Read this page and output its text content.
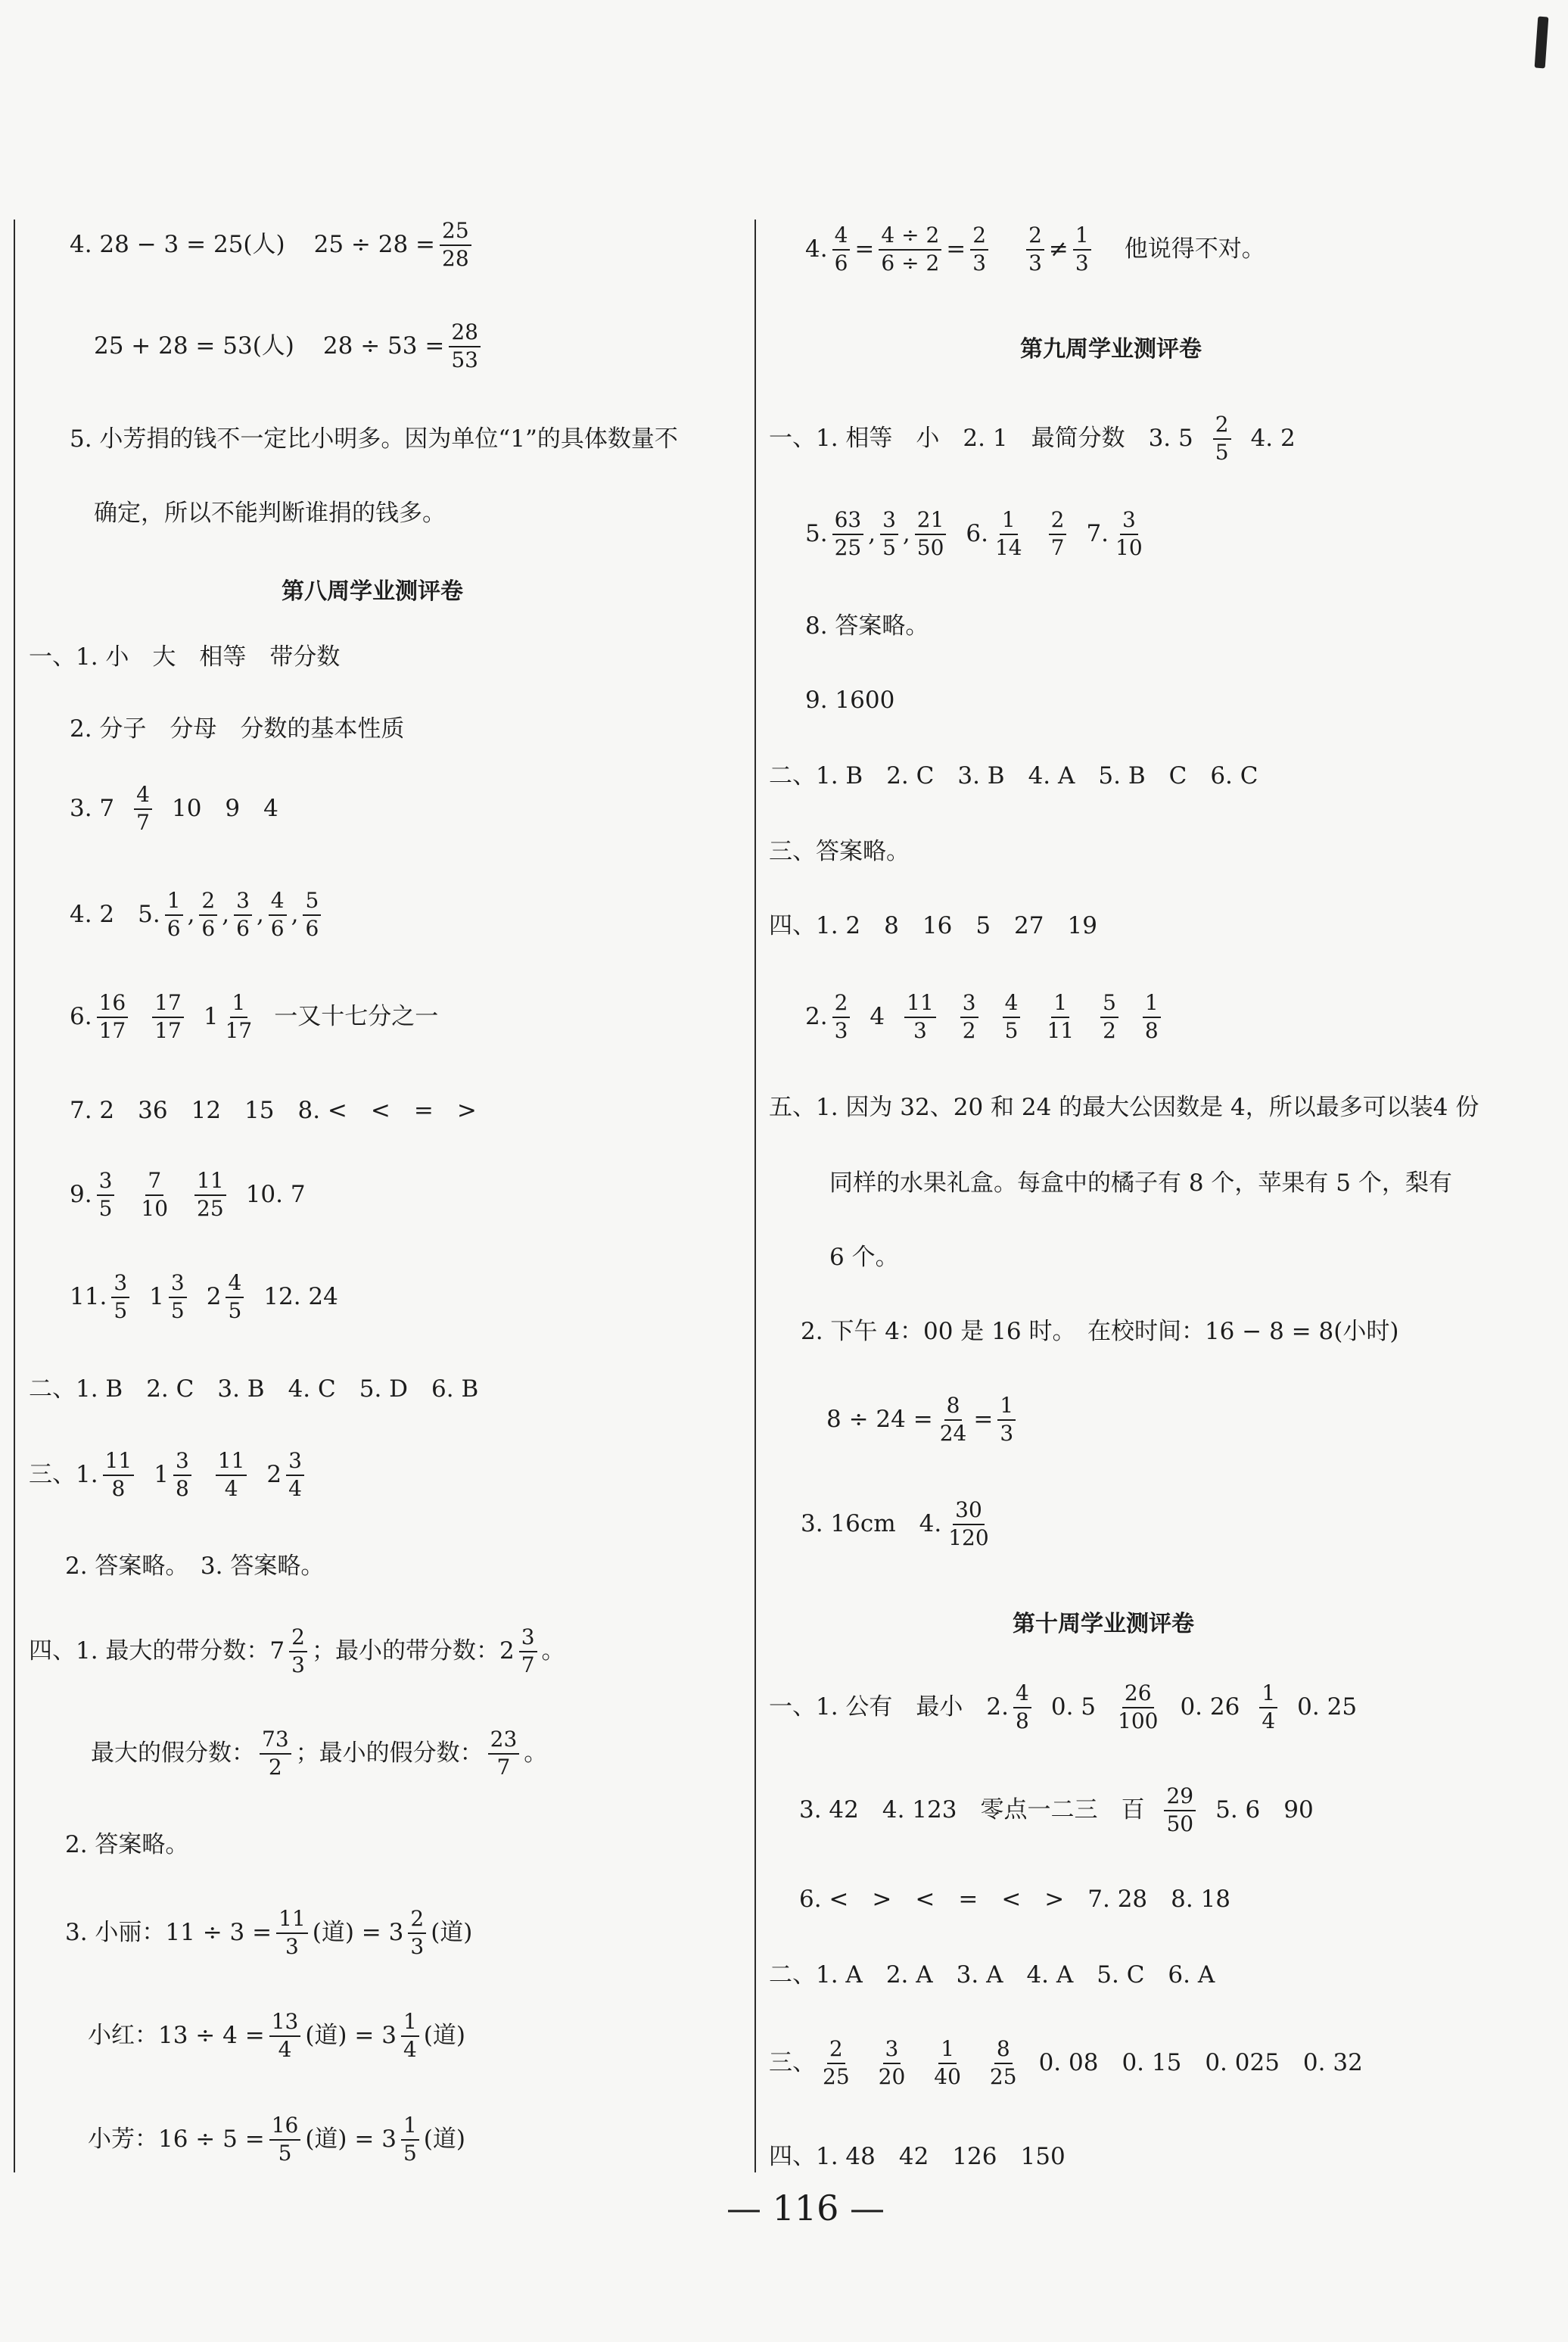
4. 28 − 3 = 25(人) $25 \div 28 = \frac{25}{28}$
25 + 28 = 53(人) $28 \div 53 = \frac{28}{53}$
5. 小芳捐的钱不一定比小明多。因为单位“1”的具体数量不
确定，所以不能判断谁捐的钱多。
第八周学业测评卷
一、1. 小　大　相等　带分数
2. 分子　分母　分数的基本性质
3. $7 \frac{4}{7} 10$　9　4
4. 2　5. $\frac{1}{6}$ , $\frac{2}{6}$ , $\frac{3}{6}$ , $\frac{4}{6}$ , $\frac{5}{6}$
6. $\frac{16}{17} \frac{17}{17} 1 \frac{1}{17}$ 一又十七分之一
7. 2　36　12　15　8. <　<　=　>
9. $\frac{3}{5} \frac{7}{10} \frac{11}{25} 10$. 7
11. $\frac{3}{5} 1 \frac{3}{5} 2 \frac{4}{5} 12$. 24
二、1. B　2. C　3. B　4. C　5. D　6. B
三、1. $\frac{11}{8} 1 \frac{3}{8} \frac{11}{4} 2 \frac{3}{4}$
2. 答案略。　3. 答案略。
四、1. 最大的带分数：$7 \frac{2}{3}$ ；最小的带分数：$2 \frac{3}{7}$ 。
最大的假分数： $\frac{73}{2}$ ；最小的假分数： $\frac{23}{7}$ 。
2. 答案略。
3. 小丽：$11 \div 3 = \frac{11}{3}$ (道) = $3 \frac{2}{3}$ (道)
小红：$13 \div 4 = \frac{13}{4}$ (道) = $3 \frac{1}{4}$ (道)
小芳：$16 \div 5 = \frac{16}{5}$ (道) = $3 \frac{1}{5}$ (道)
4. $\frac{4}{6} = \frac{4 \div 2}{6 \div 2} = \frac{2}{3} \frac{2}{3} \ne \frac{1}{3}$ 他说得不对。
第九周学业测评卷
一、1. 相等　小　2. 1　最简分数　3. $5 \frac{2}{5} 4$. 2
5. $\frac{63}{25}$ , $\frac{3}{5}$ , $\frac{21}{50} 6$. $\frac{1}{14} \frac{2}{7} 7$. $\frac{3}{10}$
8. 答案略。
9. 1600
二、1. B　2. C　3. B　4. A　5. B　C　6. C
三、答案略。
四、1. 2　8　16　5　27　19
2. $\frac{2}{3} 4 \frac{11}{3} \frac{3}{2} \frac{4}{5} \frac{1}{11} \frac{5}{2} \frac{1}{8}$
五、1. 因为 32、20 和 24 的最大公因数是 4，所以最多可以装4 份
同样的水果礼盒。每盒中的橘子有 8 个，苹果有 5 个，梨有
6 个。
2. 下午 4：00 是 16 时。　在校时间：16 − 8 = 8(小时)
$8 \div 24 = \frac{8}{24} = \frac{1}{3}$
3. 16cm　4. $\frac{30}{120}$
第十周学业测评卷
一、1. 公有　最小　2. $\frac{4}{8} 0$. $5 \frac{26}{100} 0$. $26 \frac{1}{4} 0$. 25
3. 42　4. 123　零点一二三　百 $\frac{29}{50} 5$. 6　90
6. <　>　<　=　<　>　7. 28　8. 18
二、1. A　2. A　3. A　4. A　5. C　6. A
三、 $\frac{2}{25} \frac{3}{20} \frac{1}{40} \frac{8}{25} 0$. 08　0. 15　0. 025　0. 32
四、1. 48　42　126　150
— 116 —
